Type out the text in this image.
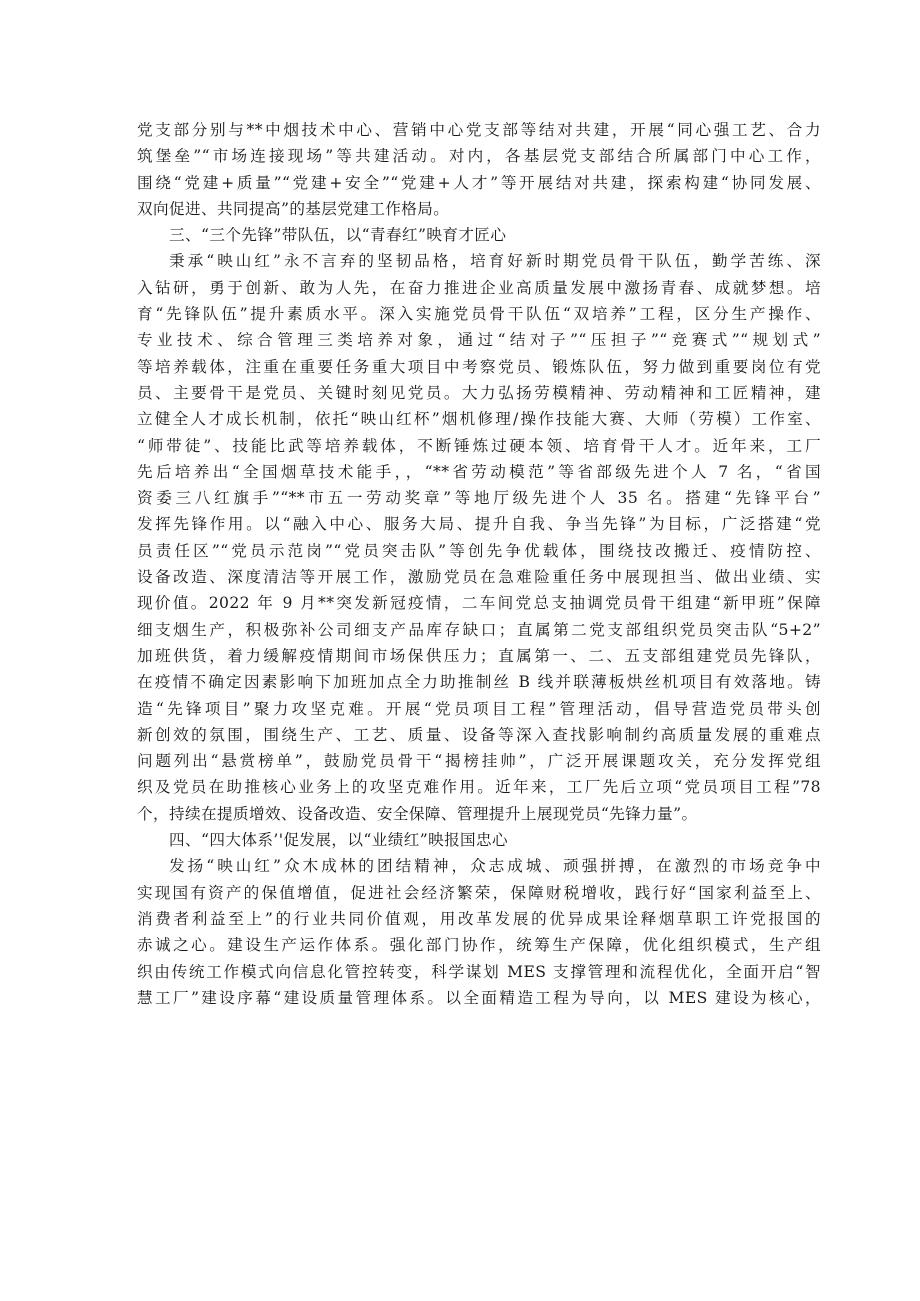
党支部分别与**中烟技术中心、营销中心党支部等结对共建，开展“同心强工艺、合力
筑堡垒”“市场连接现场”等共建活动。对内，各基层党支部结合所属部门中心工作，
围绕“党建+质量”“党建+安全”“党建+人才”等开展结对共建，探索构建“协同发展、
双向促进、共同提高”的基层党建工作格局。
三、“三个先锋”带队伍，以“青春红”映育才匠心
秉承“映山红”永不言弃的坚韧品格，培育好新时期党员骨干队伍，勤学苦练、深
入钻研，勇于创新、敢为人先，在奋力推进企业高质量发展中激扬青春、成就梦想。培
育“先锋队伍”提升素质水平。深入实施党员骨干队伍“双培养”工程，区分生产操作、
专业技术、综合管理三类培养对象，通过“结对子”“压担子”“竞赛式”“规划式”
等培养载体，注重在重要任务重大项目中考察党员、锻炼队伍，努力做到重要岗位有党
员、主要骨干是党员、关键时刻见党员。大力弘扬劳模精神、劳动精神和工匠精神，建
立健全人才成长机制，依托“映山红杯”烟机修理/操作技能大赛、大师（劳模）工作室、
“师带徒”、技能比武等培养载体，不断锤炼过硬本领、培育骨干人才。近年来，工厂
先后培养出“全国烟草技术能手，，“**省劳动模范”等省部级先进个人 7 名，“省国
资委三八红旗手”“**市五一劳动奖章”等地厅级先进个人 35 名。搭建“先锋平台”
发挥先锋作用。以“融入中心、服务大局、提升自我、争当先锋”为目标，广泛搭建“党
员责任区”“党员示范岗”“党员突击队”等创先争优载体，围绕技改搬迁、疫情防控、
设备改造、深度清洁等开展工作，激励党员在急难险重任务中展现担当、做出业绩、实
现价值。2022 年 9 月**突发新冠疫情，二车间党总支抽调党员骨干组建“新甲班”保障
细支烟生产，积极弥补公司细支产品库存缺口；直属第二党支部组织党员突击队“5+2”
加班供货，着力缓解疫情期间市场保供压力；直属第一、二、五支部组建党员先锋队，
在疫情不确定因素影响下加班加点全力助推制丝 B 线并联薄板烘丝机项目有效落地。铸
造“先锋项目”聚力攻坚克难。开展“党员项目工程”管理活动，倡导营造党员带头创
新创效的氛围，围绕生产、工艺、质量、设备等深入查找影响制约高质量发展的重难点
问题列出“悬赏榜单”，鼓励党员骨干“揭榜挂帅”，广泛开展课题攻关，充分发挥党组
织及党员在助推核心业务上的攻坚克难作用。近年来，工厂先后立项“党员项目工程”78
个，持续在提质增效、设备改造、安全保障、管理提升上展现党员“先锋力量”。
四、“四大体系’'促发展，以“业绩红”映报国忠心
发扬“映山红”众木成林的团结精神，众志成城、顽强拼搏，在激烈的市场竞争中
实现国有资产的保值增值，促进社会经济繁荣，保障财税增收，践行好“国家利益至上、
消费者利益至上”的行业共同价值观，用改革发展的优异成果诠释烟草职工许党报国的
赤诚之心。建设生产运作体系。强化部门协作，统筹生产保障，优化组织模式，生产组
织由传统工作模式向信息化管控转变，科学谋划 MES 支撑管理和流程优化，全面开启“智
慧工厂”建设序幕“建设质量管理体系。以全面精造工程为导向，以 MES 建设为核心，
